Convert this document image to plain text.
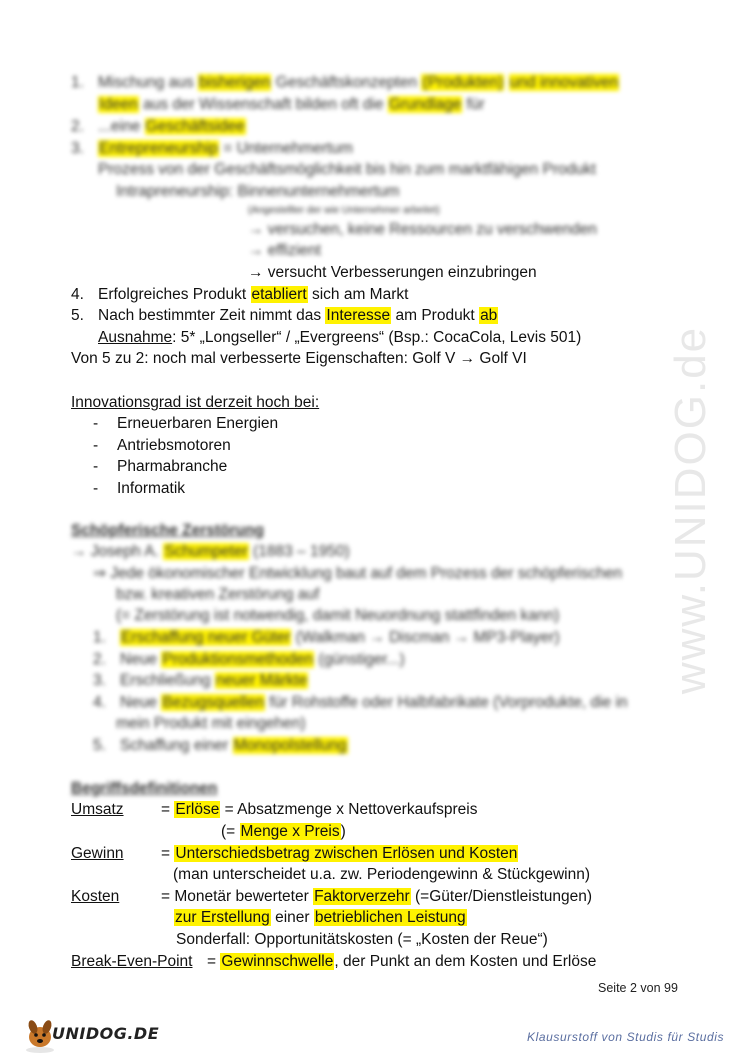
1. Mischung aus bisherigen Geschäftskonzepten (Produkten) und innovativen
Ideen aus der Wissenschaft bilden oft die Grundlage für
2. ...eine Geschäftsidee
3. Entrepreneurship = Unternehmertum
Prozess von der Geschäftsmöglichkeit bis hin zum marktfähigen Produkt
Intrapreneurship: Binnenunternehmertum
(Angestellter der wie Unternehmer arbeitet)
→ versuchen, keine Ressourcen zu verschwenden
→ effizient
→ versucht Verbesserungen einzubringen
4. Erfolgreiches Produkt etabliert sich am Markt
5. Nach bestimmter Zeit nimmt das Interesse am Produkt ab
Ausnahme: 5* „Longseller“ / „Evergreens“ (Bsp.: CocaCola, Levis 501)
Von 5 zu 2: noch mal verbesserte Eigenschaften: Golf V → Golf VI
Innovationsgrad ist derzeit hoch bei:
- Erneuerbaren Energien
- Antriebsmotoren
- Pharmabranche
- Informatik
Schöpferische Zerstörung
→ Joseph A. Schumpeter (1883 – 1950)
⇒ Jede ökonomischer Entwicklung baut auf dem Prozess der schöpferischen
bzw. kreativen Zerstörung auf
(= Zerstörung ist notwendig, damit Neuordnung stattfinden kann)
1. Erschaffung neuer Güter (Walkman → Discman → MP3-Player)
2. Neue Produktionsmethoden (günstiger...)
3. Erschließung neuer Märkte
4. Neue Bezugsquellen für Rohstoffe oder Halbfabrikate (Vorprodukte, die in
mein Produkt mit eingehen)
5. Schaffung einer Monopolstellung
Begriffsdefinitionen
Umsatz = Erlöse = Absatzmenge x Nettoverkaufspreis
(= Menge x Preis)
Gewinn = Unterschiedsbetrag zwischen Erlösen und Kosten
(man unterscheidet u.a. zw. Periodengewinn & Stückgewinn)
Kosten	= Monetär bewerteter Faktorverzehr (=Güter/Dienstleistungen)
zur Erstellung einer betrieblichen Leistung
Sonderfall: Opportunitätskosten (= „Kosten der Reue“)
Break-Even-Point = Gewinnschwelle, der Punkt an dem Kosten und Erlöse
www.UNIDOG.de
Seite 2 von 99
UNIDOG.DE	Klausurstoff von Studis für Studis
